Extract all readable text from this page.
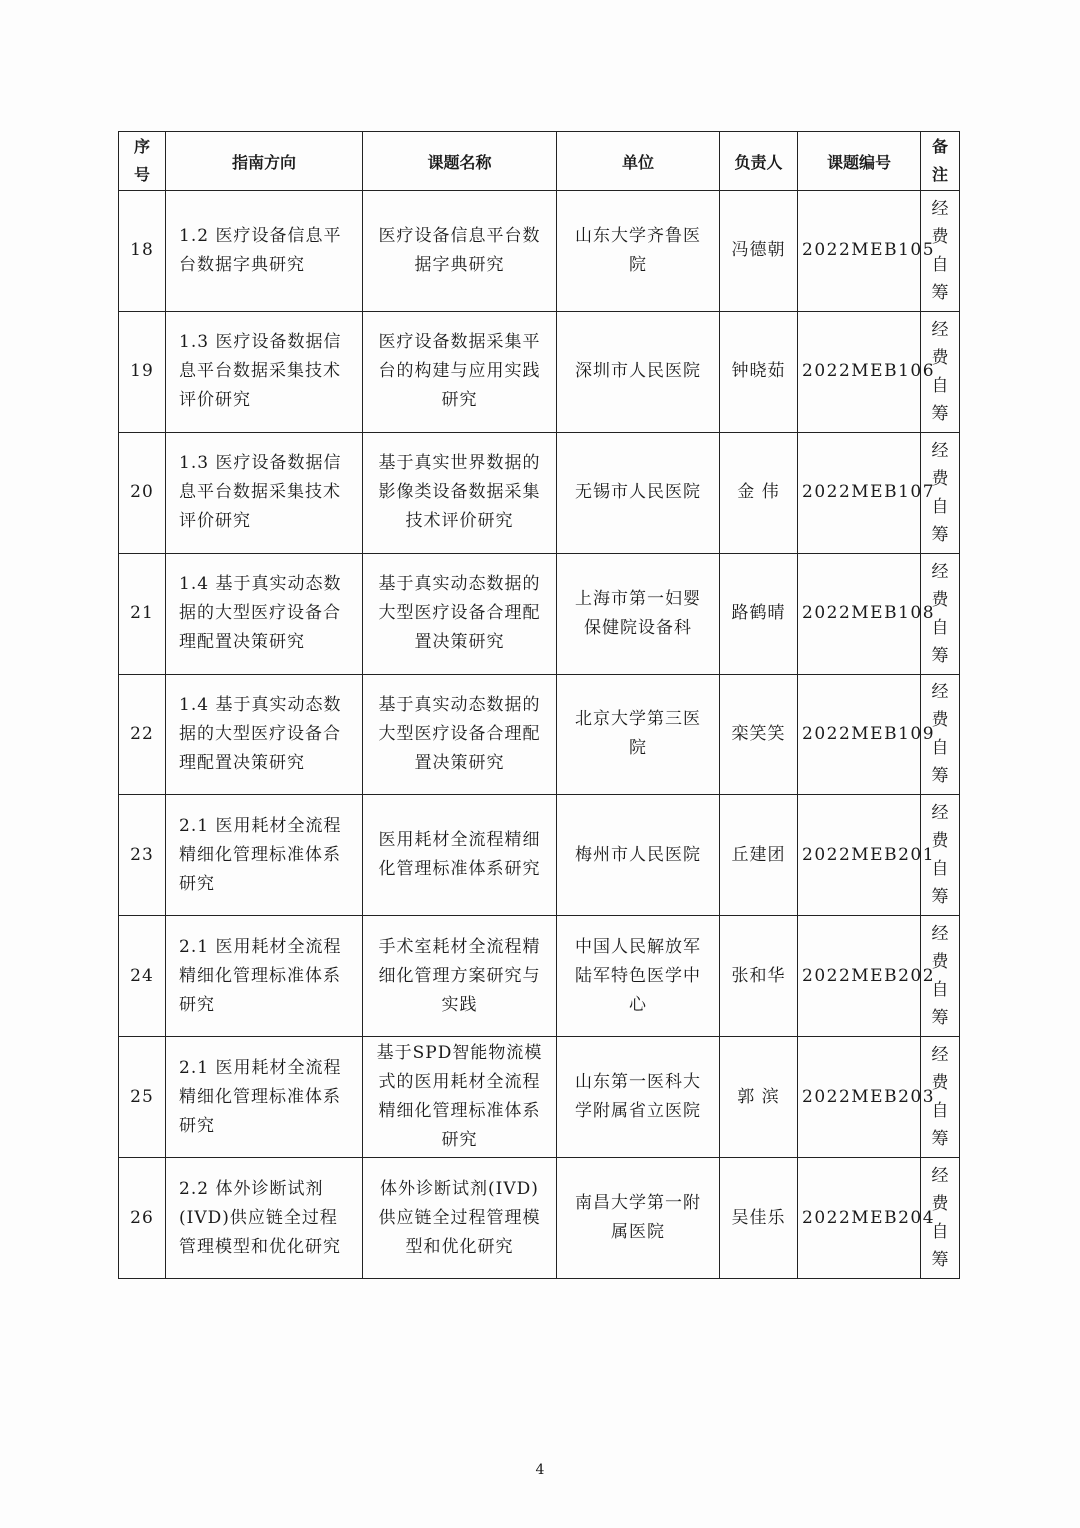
序号	指南方向	课题名称	单位	负责人	课题编号	备注

18	1.2 医疗设备信息平台数据字典研究	医疗设备信息平台数据字典研究	山东大学齐鲁医院	冯德朝	2022MEB105	经费自筹

19	1.3 医疗设备数据信息平台数据采集技术评价研究	医疗设备数据采集平台的构建与应用实践研究	深圳市人民医院	钟晓茹	2022MEB106	经费自筹

20	1.3 医疗设备数据信息平台数据采集技术评价研究	基于真实世界数据的影像类设备数据采集技术评价研究	无锡市人民医院	金 伟	2022MEB107	经费自筹

21	1.4 基于真实动态数据的大型医疗设备合理配置决策研究	基于真实动态数据的大型医疗设备合理配置决策研究	上海市第一妇婴保健院设备科	路鹤晴	2022MEB108	经费自筹

22	1.4 基于真实动态数据的大型医疗设备合理配置决策研究	基于真实动态数据的大型医疗设备合理配置决策研究	北京大学第三医院	栾笑笑	2022MEB109	经费自筹

23	2.1 医用耗材全流程精细化管理标准体系研究	医用耗材全流程精细化管理标准体系研究	梅州市人民医院	丘建团	2022MEB201	经费自筹

24	2.1 医用耗材全流程精细化管理标准体系研究	手术室耗材全流程精细化管理方案研究与实践	中国人民解放军陆军特色医学中心	张和华	2022MEB202	经费自筹

25	2.1 医用耗材全流程精细化管理标准体系研究	基于SPD智能物流模式的医用耗材全流程精细化管理标准体系研究	山东第一医科大学附属省立医院	郭 滨	2022MEB203	经费自筹

26	2.2 体外诊断试剂(IVD)供应链全过程管理模型和优化研究	体外诊断试剂(IVD)供应链全过程管理模型和优化研究	南昌大学第一附属医院	吴佳乐	2022MEB204	经费自筹
4
